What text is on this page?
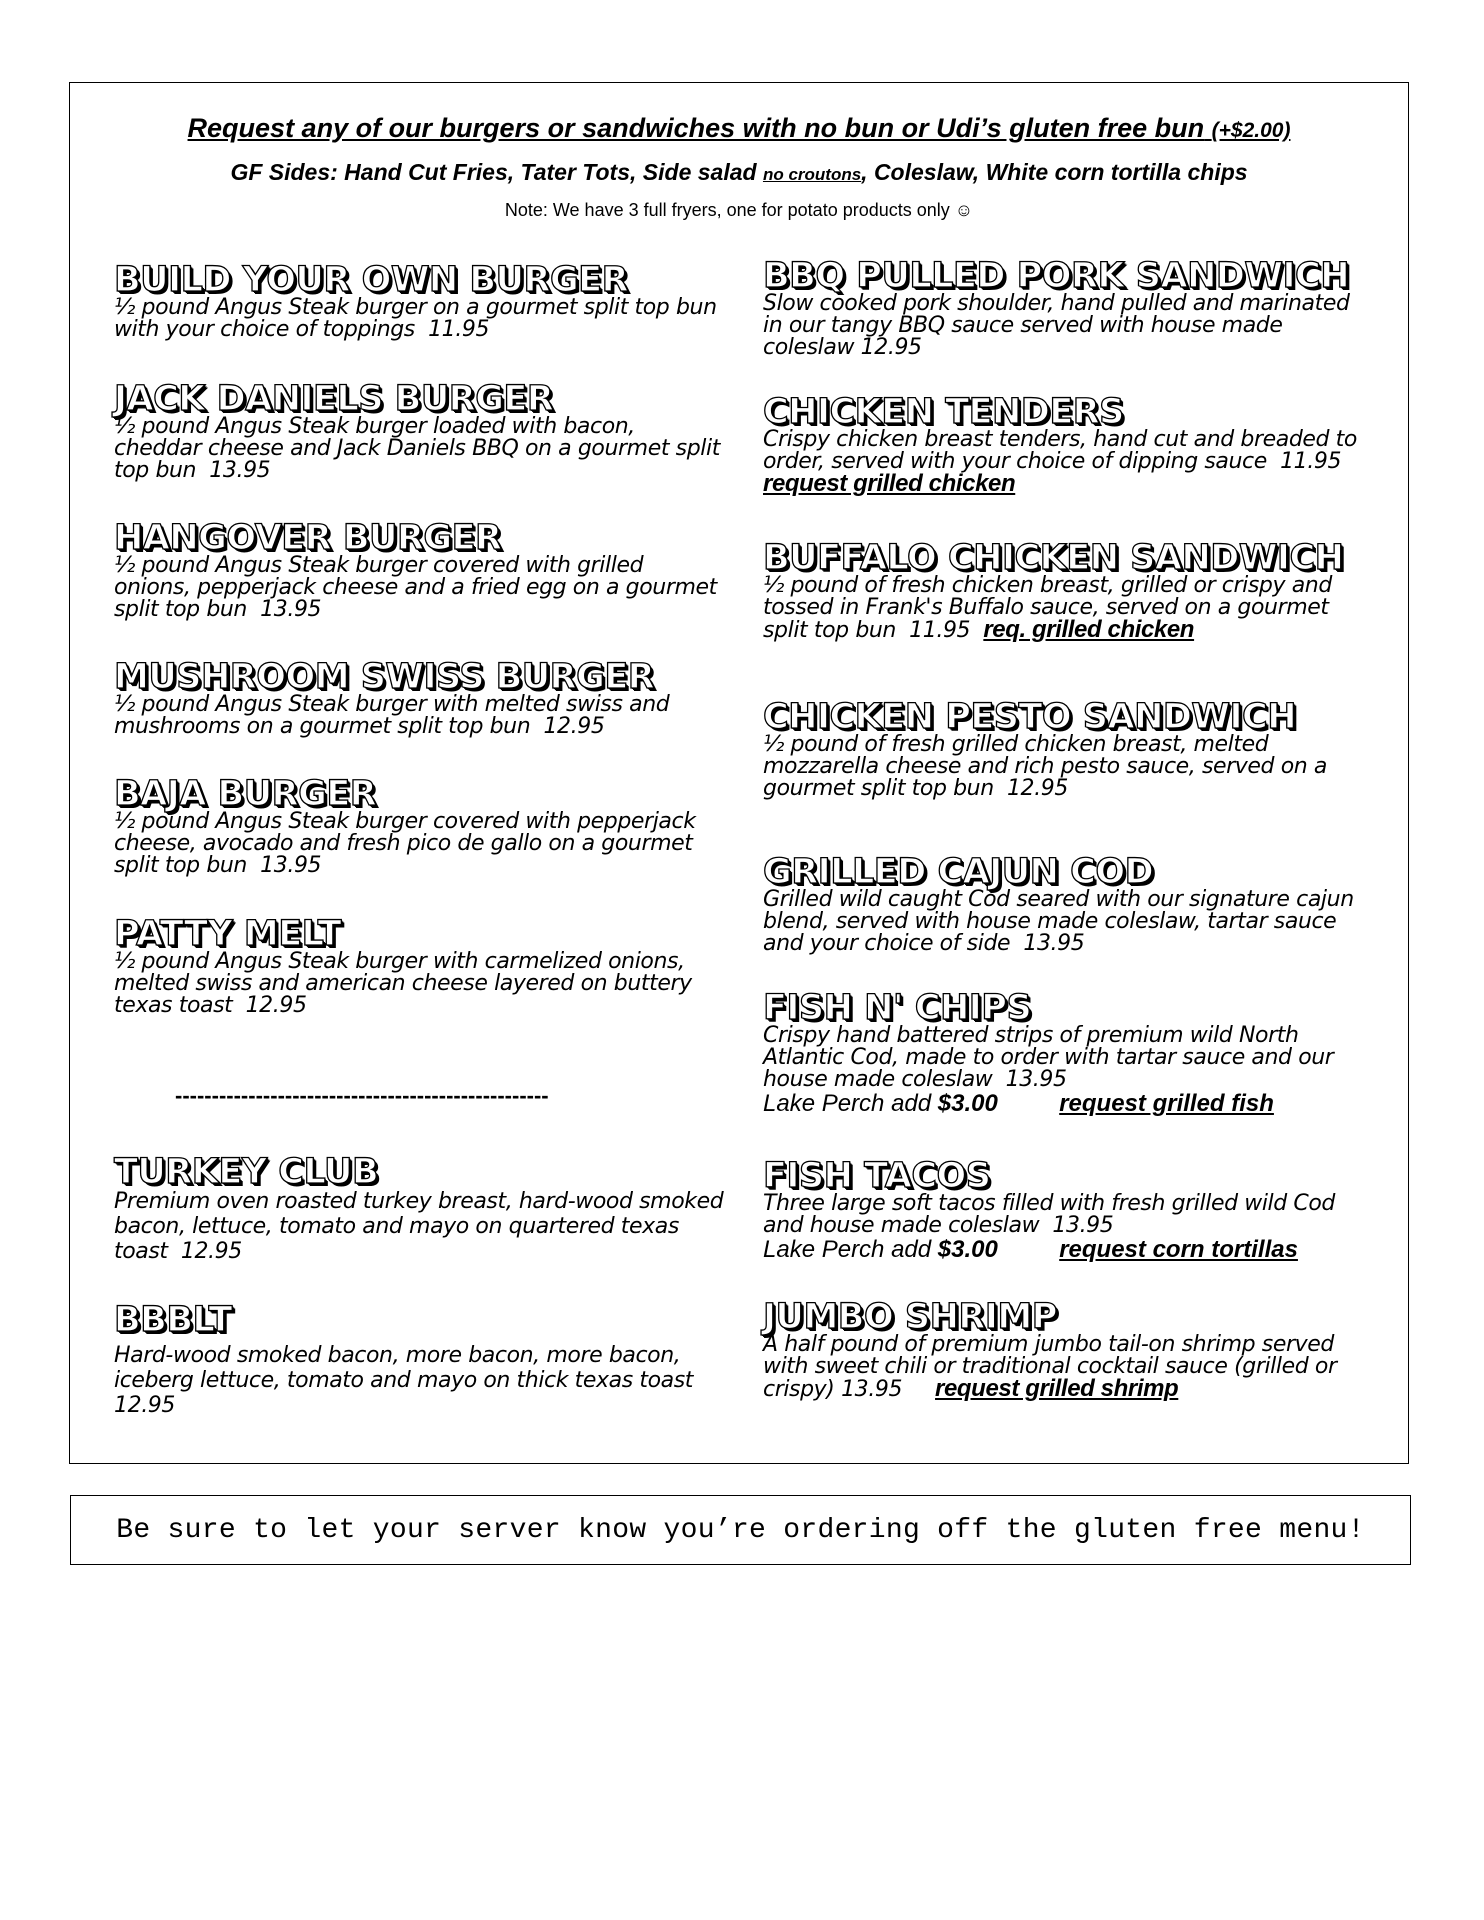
Request any of our burgers or sandwiches with no bun or Udi’s gluten free bun (+$2.00)
GF Sides: Hand Cut Fries, Tater Tots, Side salad no croutons, Coleslaw, White corn tortilla chips
Note: We have 3 full fryers, one for potato products only ☺
BUILD YOUR OWN BURGER
½ pound Angus Steak burger on a gourmet split top bun with your choice of toppings 11.95
JACK DANIELS BURGER
½ pound Angus Steak burger loaded with bacon, cheddar cheese and Jack Daniels BBQ on a gourmet split top bun 13.95
HANGOVER BURGER
½ pound Angus Steak burger covered with grilled onions, pepperjack cheese and a fried egg on a gourmet split top bun 13.95
MUSHROOM SWISS BURGER
½ pound Angus Steak burger with melted swiss and mushrooms on a gourmet split top bun 12.95
BAJA BURGER
½ pound Angus Steak burger covered with pepperjack cheese, avocado and fresh pico de gallo on a gourmet split top bun 13.95
PATTY MELT
½ pound Angus Steak burger with carmelized onions, melted swiss and american cheese layered on buttery texas toast 12.95
---------------------------------------------------
TURKEY CLUB
Premium oven roasted turkey breast, hard-wood smoked bacon, lettuce, tomato and mayo on quartered texas toast 12.95
BBBLT
Hard-wood smoked bacon, more bacon, more bacon, iceberg lettuce, tomato and mayo on thick texas toast  12.95
BBQ PULLED PORK SANDWICH
Slow cooked pork shoulder, hand pulled and marinated in our tangy BBQ sauce served with house made coleslaw 12.95
CHICKEN TENDERS
Crispy chicken breast tenders, hand cut and breaded to order, served with your choice of dipping sauce 11.95  request grilled chicken
BUFFALO CHICKEN SANDWICH
½ pound of fresh chicken breast, grilled or crispy and tossed in Frank's Buffalo sauce, served on a gourmet split top bun 11.95 req. grilled chicken
CHICKEN PESTO SANDWICH
½ pound of fresh grilled chicken breast, melted mozzarella cheese and rich pesto sauce, served on a gourmet split top bun 12.95
GRILLED CAJUN COD
Grilled wild caught Cod seared with our signature cajun blend, served with house made coleslaw, tartar sauce and your choice of side 13.95
FISH N' CHIPS
Crispy hand battered strips of premium wild North Atlantic Cod, made to order with tartar sauce and our house made coleslaw 13.95
Lake Perch add $3.00	request grilled fish
FISH TACOS
Three large soft tacos filled with fresh grilled wild Cod and house made coleslaw 13.95
Lake Perch add $3.00	request corn tortillas
JUMBO SHRIMP
A half pound of premium jumbo tail-on shrimp served with sweet chili or traditional cocktail sauce (grilled or crispy) 13.95 request grilled shrimp
Be sure to let your server know you’re ordering off the gluten free menu!
